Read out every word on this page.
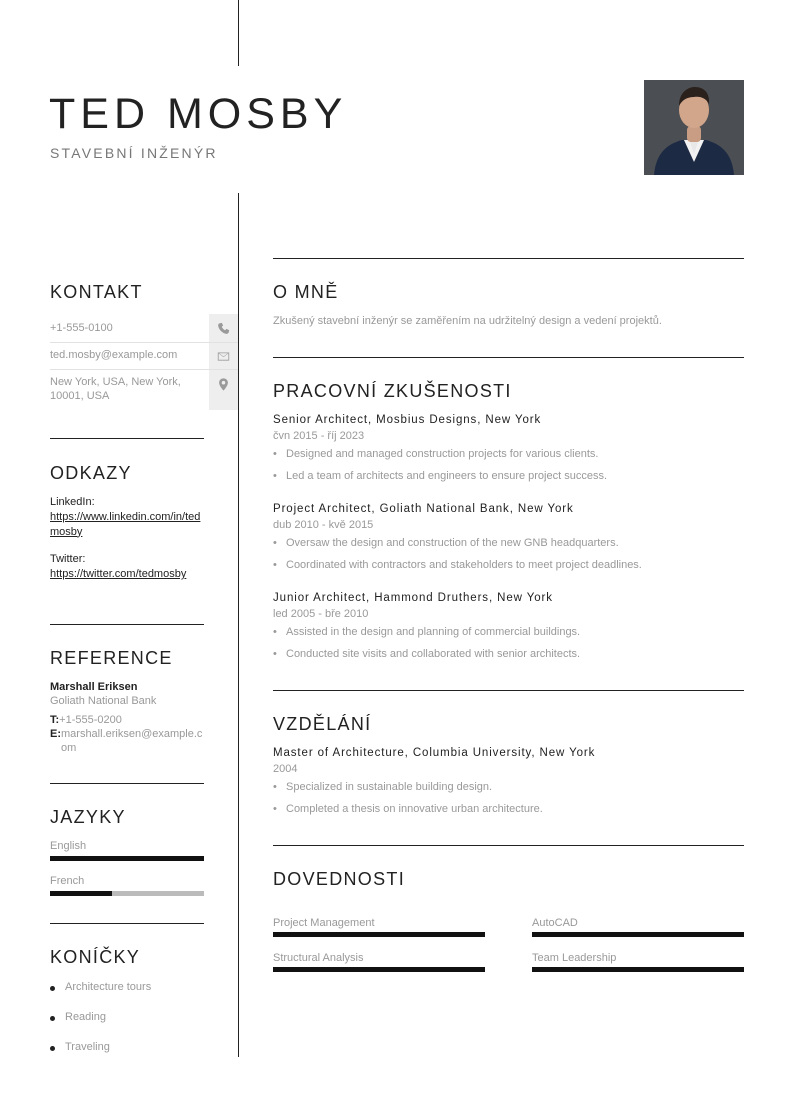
TED MOSBY
STAVEBNÍ INŽENÝR
KONTAKT
+1-555-0100
ted.mosby@example.com
New York, USA, New York, 10001, USA
ODKAZY
LinkedIn:
https://www.linkedin.com/in/tedmosby
Twitter:
https://twitter.com/tedmosby
REFERENCE
Marshall Eriksen
Goliath National Bank
T:+1-555-0200
E: marshall.eriksen@example.com
JAZYKY
English
French
KONÍČKY
Architecture tours
Reading
Traveling
O MNĚ
Zkušený stavební inženýr se zaměřením na udržitelný design a vedení projektů.
PRACOVNÍ ZKUŠENOSTI
Senior Architect, Mosbius Designs, New York
čvn 2015 - říj 2023
• Designed and managed construction projects for various clients.
• Led a team of architects and engineers to ensure project success.
Project Architect, Goliath National Bank, New York
dub 2010 - kvě 2015
• Oversaw the design and construction of the new GNB headquarters.
• Coordinated with contractors and stakeholders to meet project deadlines.
Junior Architect, Hammond Druthers, New York
led 2005 - bře 2010
• Assisted in the design and planning of commercial buildings.
• Conducted site visits and collaborated with senior architects.
VZDĚLÁNÍ
Master of Architecture, Columbia University, New York
2004
• Specialized in sustainable building design.
• Completed a thesis on innovative urban architecture.
DOVEDNOSTI
Project Management	AutoCAD
Structural Analysis	Team Leadership
